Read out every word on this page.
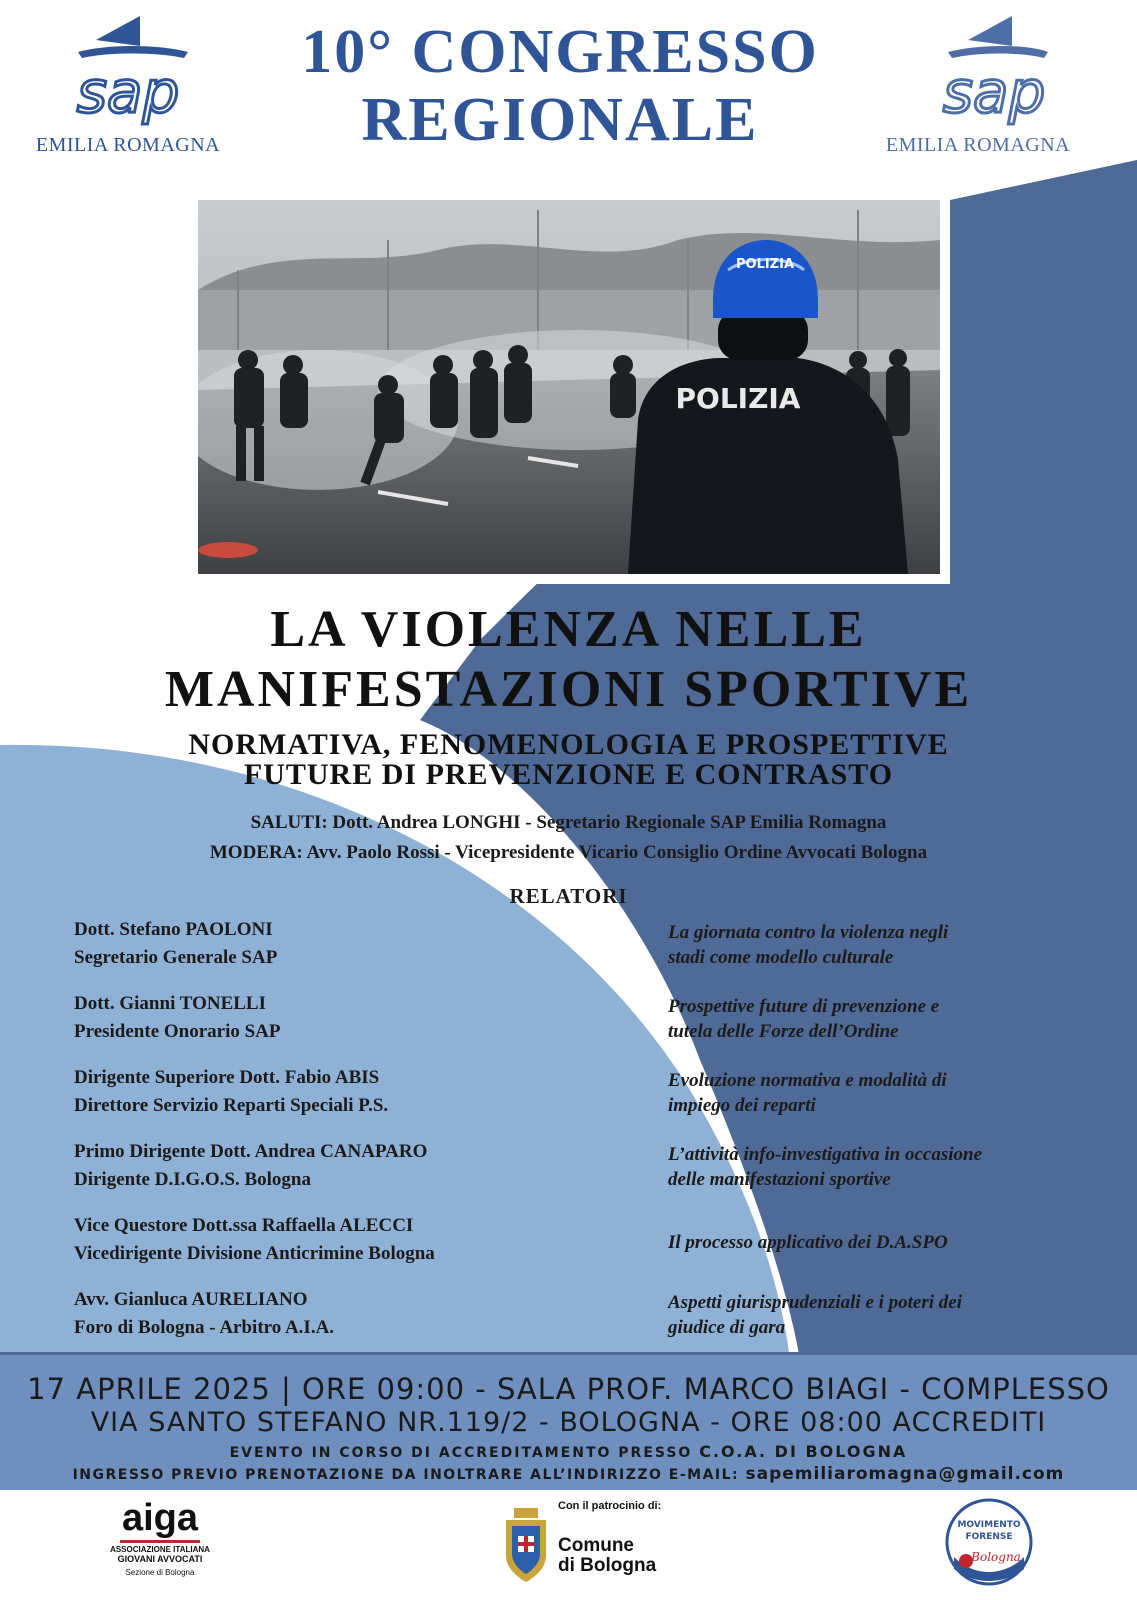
sap
EMILIA ROMAGNA
sap
EMILIA ROMAGNA
10° CONGRESSO
REGIONALE
POLIZIA
POLIZIA
LA VIOLENZA NELLE
MANIFESTAZIONI SPORTIVE
NORMATIVA, FENOMENOLOGIA E PROSPETTIVE
FUTURE DI PREVENZIONE E CONTRASTO
SALUTI: Dott. Andrea LONGHI - Segretario Regionale SAP Emilia Romagna
MODERA: Avv. Paolo Rossi - Vicepresidente Vicario Consiglio Ordine Avvocati Bologna
RELATORI
Dott. Stefano PAOLONI
Segretario Generale SAP
La giornata contro la violenza negli
stadi come modello culturale
Dott. Gianni TONELLI
Presidente Onorario SAP
Prospettive future di prevenzione e
tutela delle Forze dell’Ordine
Dirigente Superiore Dott. Fabio ABIS
Direttore Servizio Reparti Speciali P.S.
Evoluzione normativa e modalità di
impiego dei reparti
Primo Dirigente Dott. Andrea CANAPARO
Dirigente D.I.G.O.S. Bologna
L’attività info-investigativa in occasione
delle manifestazioni sportive
Vice Questore Dott.ssa Raffaella ALECCI
Vicedirigente Divisione Anticrimine Bologna
Il processo applicativo dei D.A.SPO
Avv. Gianluca AURELIANO
Foro di Bologna - Arbitro A.I.A.
Aspetti giurisprudenziali e i poteri dei
giudice di gara
17 APRILE 2025 | ORE 09:00 - SALA PROF. MARCO BIAGI - COMPLESSO
VIA SANTO STEFANO NR.119/2 - BOLOGNA - ORE 08:00 ACCREDITI
EVENTO IN CORSO DI ACCREDITAMENTO PRESSO C.O.A. DI BOLOGNA
INGRESSO PREVIO PRENOTAZIONE DA INOLTRARE ALL’INDIRIZZO E-MAIL: sapemiliaromagna@gmail.com
aiga
ASSOCIAZIONE ITALIANA
GIOVANI AVVOCATI
Sezione di Bologna
Con il patrocinio di:
Comune
di Bologna
MOVIMENTO
FORENSE
Bologna
